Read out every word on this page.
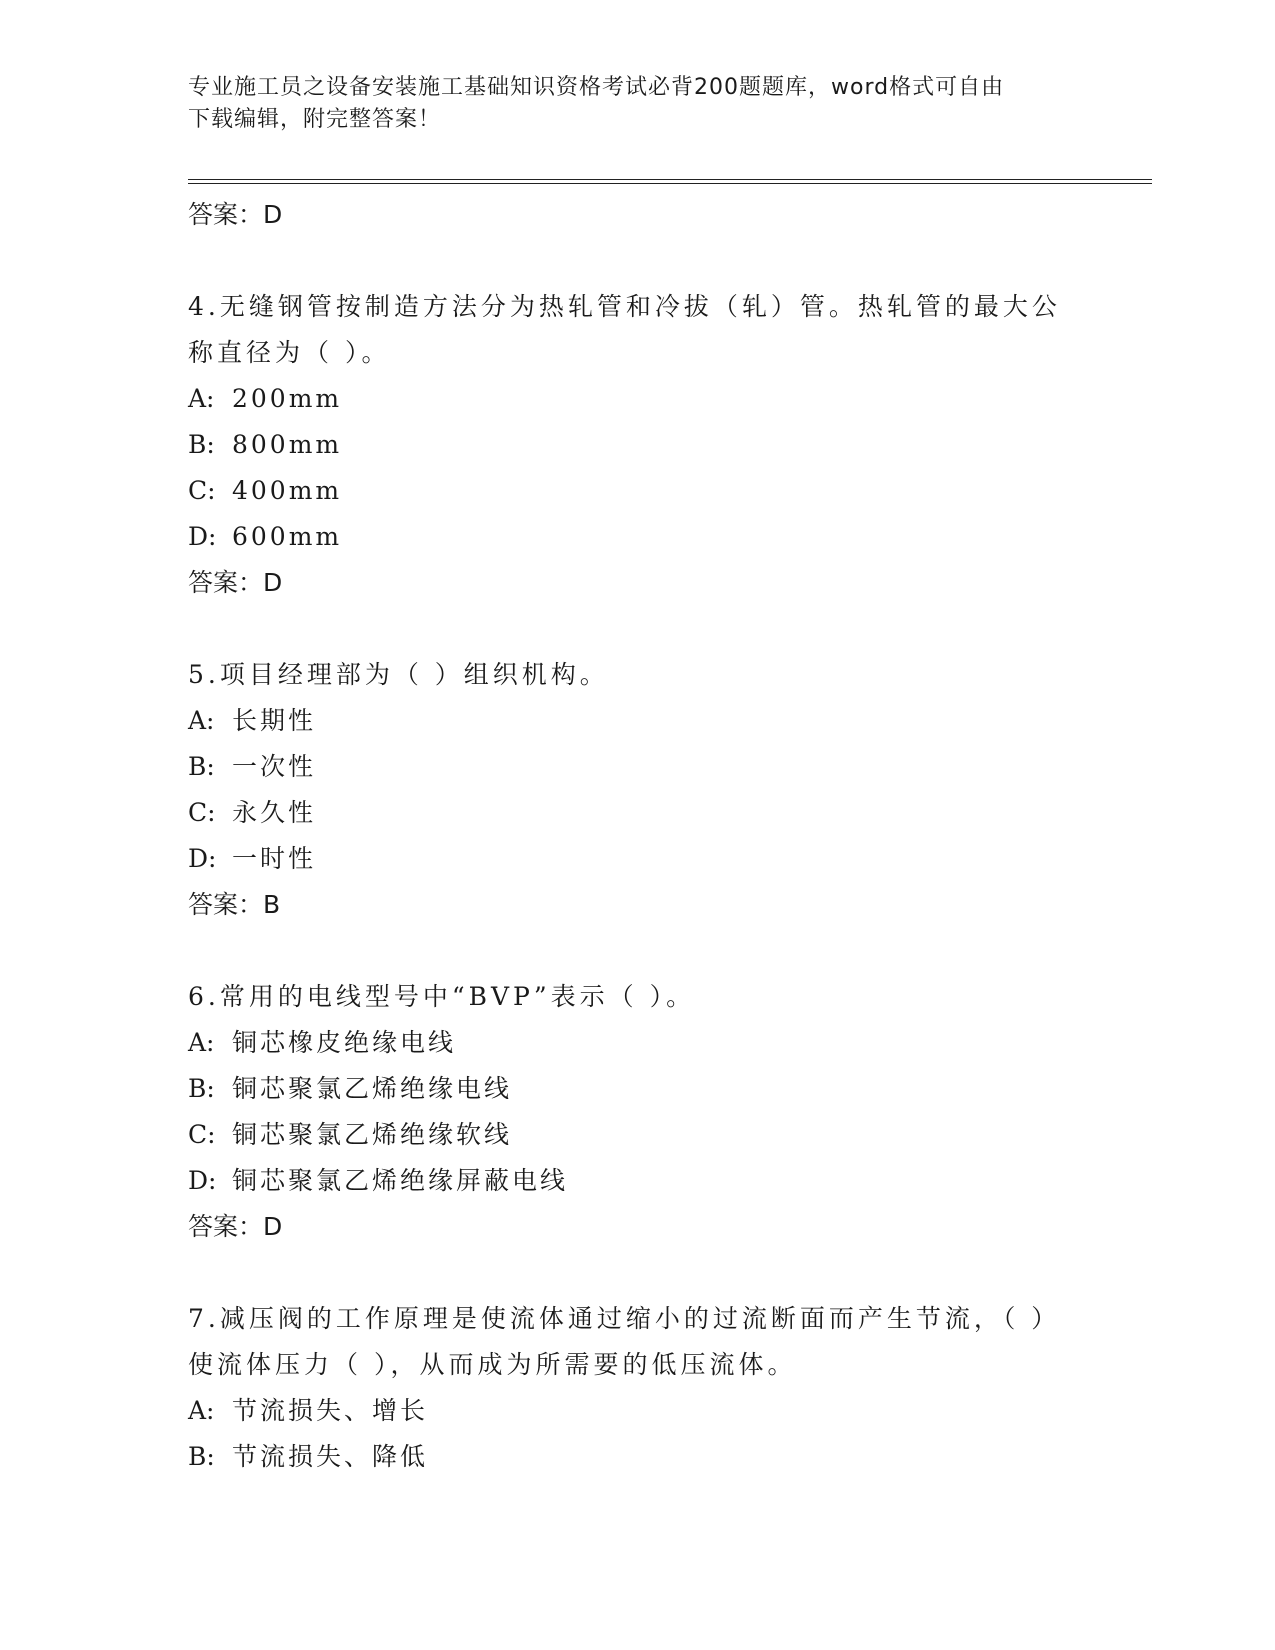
专业施工员之设备安装施工基础知识资格考试必背200题题库，word格式可自由
下载编辑，附完整答案！
答案：D
4.无缝钢管按制造方法分为热轧管和冷拔（轧）管。热轧管的最大公
称直径为（ ）。
A: 200mm
B: 800mm
C: 400mm
D: 600mm
答案：D
5.项目经理部为（ ）组织机构。
A: 长期性
B: 一次性
C: 永久性
D: 一时性
答案：B
6.常用的电线型号中“BVP”表示（ ）。
A: 铜芯橡皮绝缘电线
B: 铜芯聚氯乙烯绝缘电线
C: 铜芯聚氯乙烯绝缘软线
D: 铜芯聚氯乙烯绝缘屏蔽电线
答案：D
7.减压阀的工作原理是使流体通过缩小的过流断面而产生节流，（ ）
使流体压力（ ），从而成为所需要的低压流体。
A: 节流损失、增长
B: 节流损失、降低
